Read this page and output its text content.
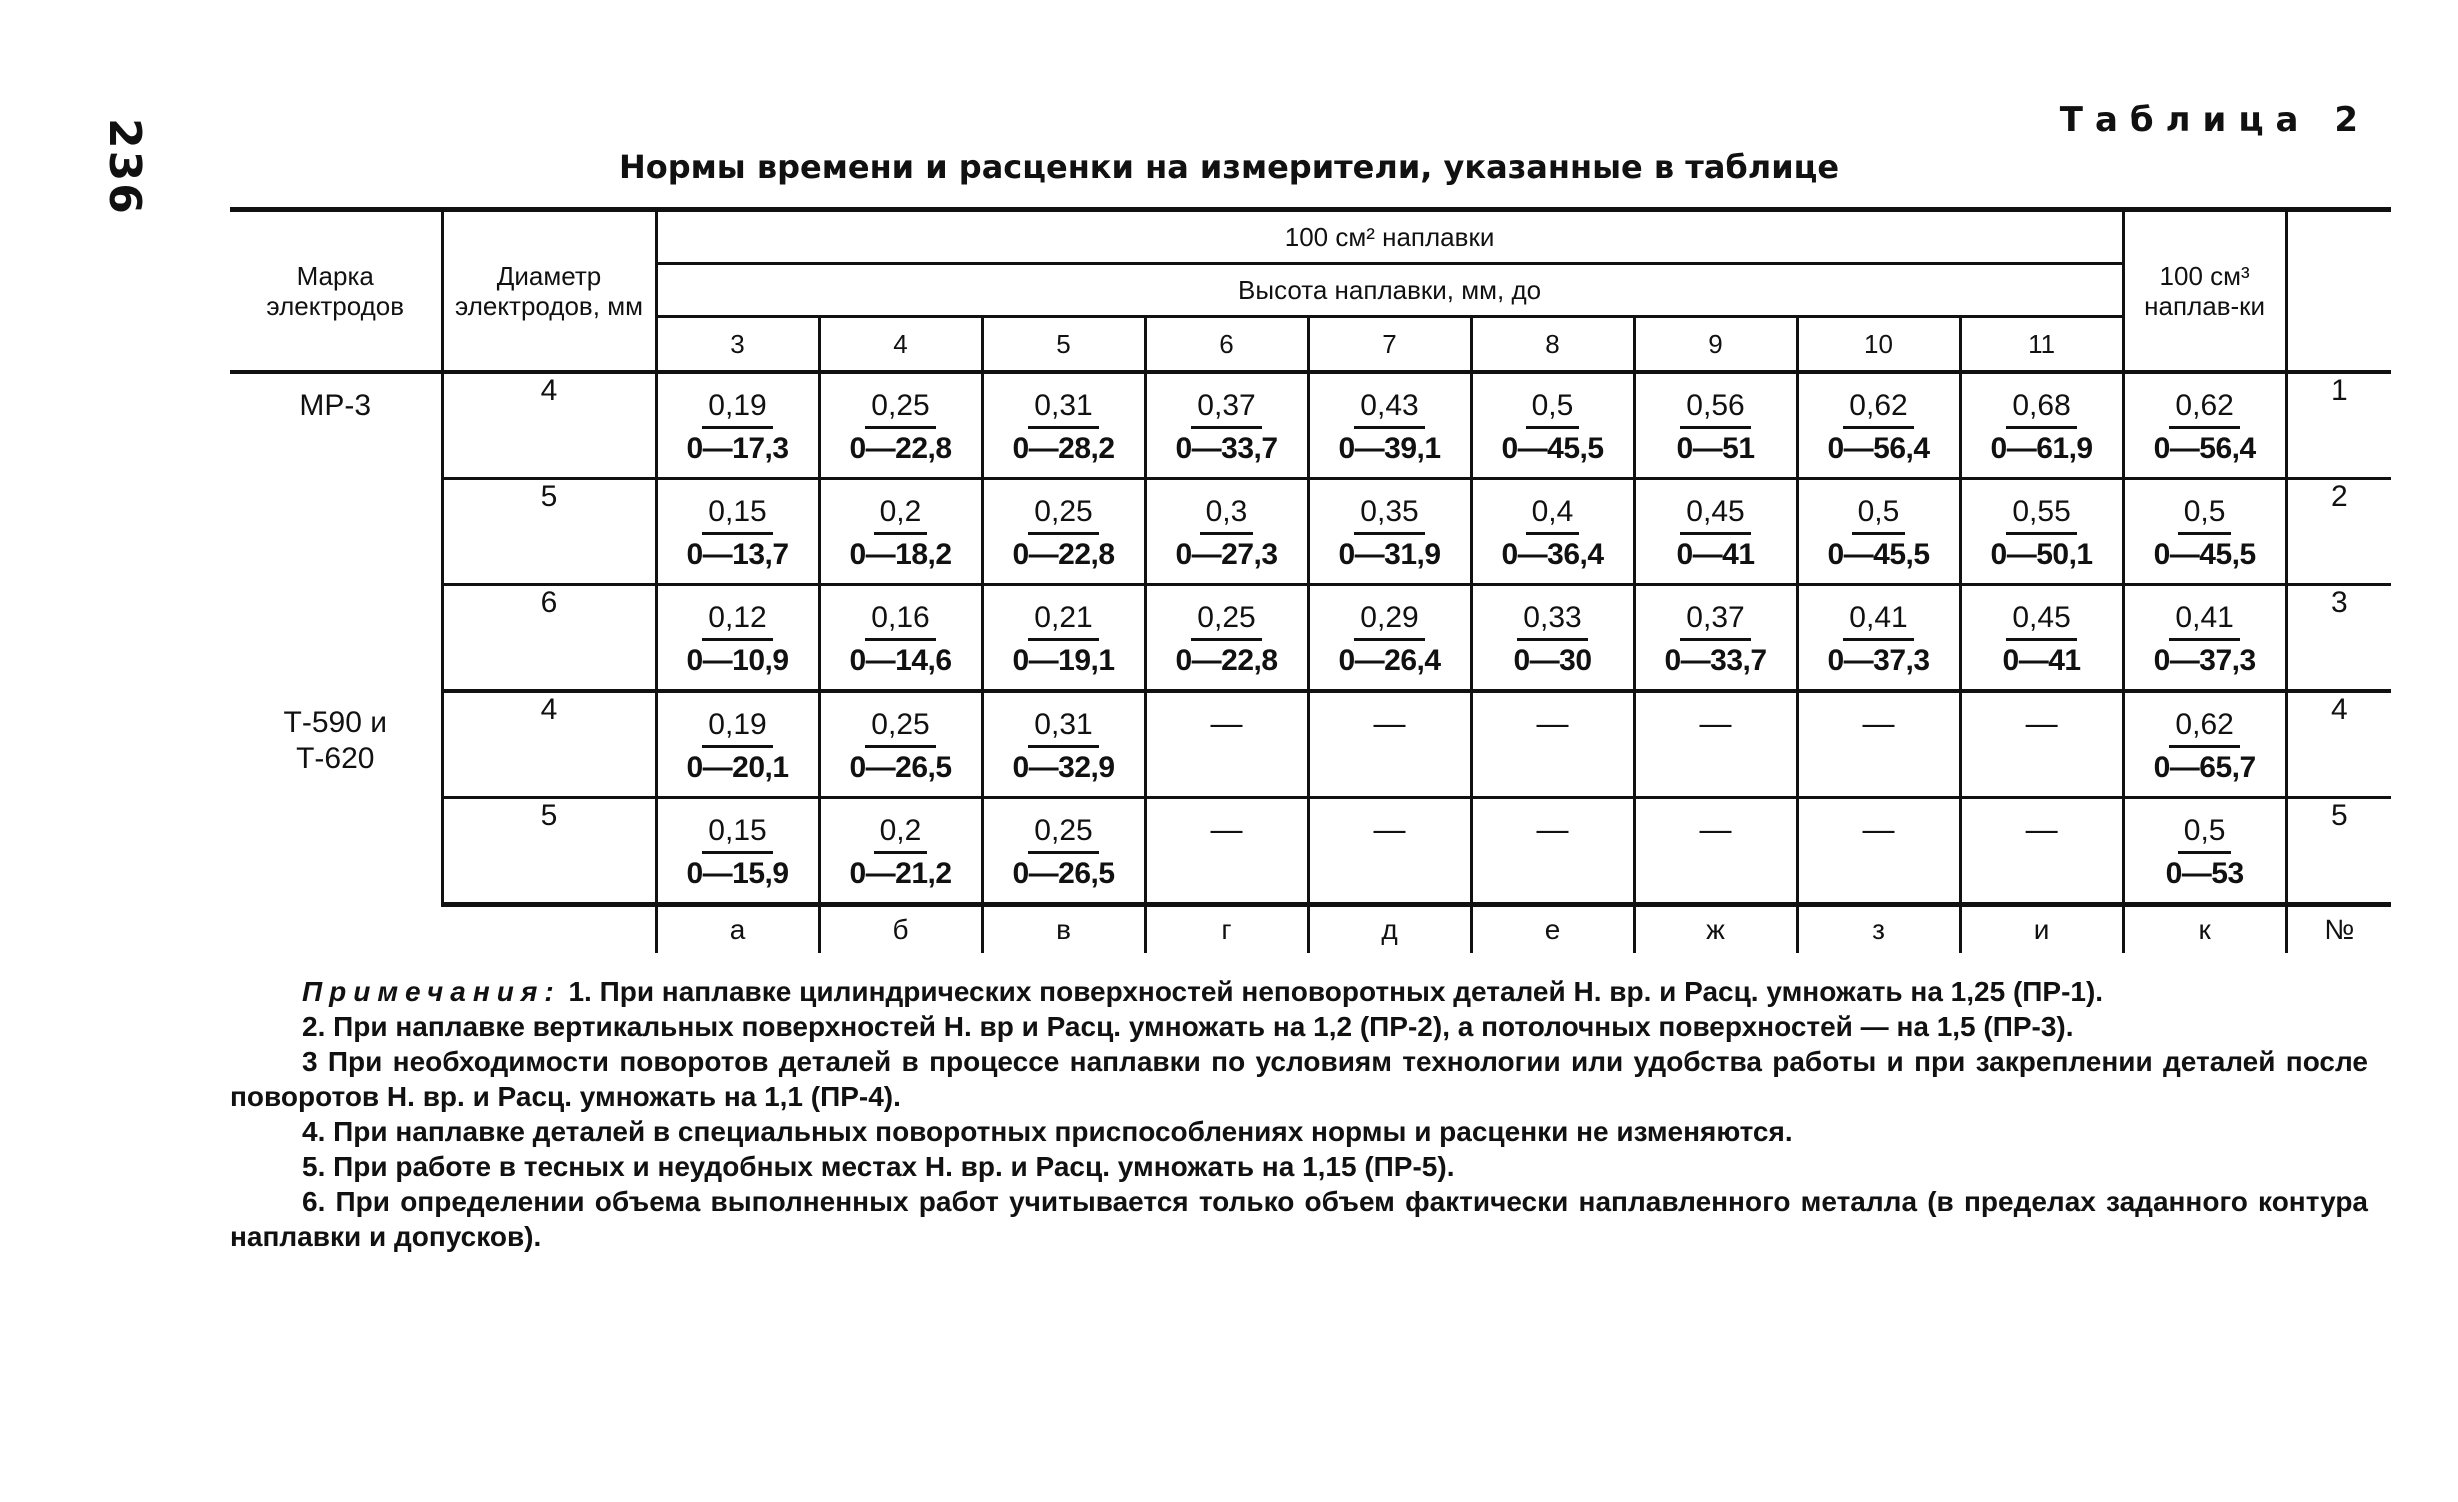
236	Таблица 2
Нормы времени и расценки на измерители, указанные в таблице
Марка электродов	Диаметр электродов, мм	100 см² наплавки									100 см³ наплав-ки	
		Высота наплавки, мм, до										
		3	4	5	6	7	8	9	10	11		
МР-3	4	$\frac{0,19}{0—17,3}$	$\frac{0,25}{0—22,8}$	$\frac{0,31}{0—28,2}$	$\frac{0,37}{0—33,7}$	$\frac{0,43}{0—39,1}$	$\frac{0,5}{0—45,5}$	$\frac{0,56}{0—51}$	$\frac{0,62}{0—56,4}$	$\frac{0,68}{0—61,9}$	$\frac{0,62}{0—56,4}$	1
	5	$\frac{0,15}{0—13,7}$	$\frac{0,2}{0—18,2}$	$\frac{0,25}{0—22,8}$	$\frac{0,3}{0—27,3}$	$\frac{0,35}{0—31,9}$	$\frac{0,4}{0—36,4}$	$\frac{0,45}{0—41}$	$\frac{0,5}{0—45,5}$	$\frac{0,55}{0—50,1}$	$\frac{0,5}{0—45,5}$	2
	6	$\frac{0,12}{0—10,9}$	$\frac{0,16}{0—14,6}$	$\frac{0,21}{0—19,1}$	$\frac{0,25}{0—22,8}$	$\frac{0,29}{0—26,4}$	$\frac{0,33}{0—30}$	$\frac{0,37}{0—33,7}$	$\frac{0,41}{0—37,3}$	$\frac{0,45}{0—41}$	$\frac{0,41}{0—37,3}$	3
Т-590 и
Т-620	4	$\frac{0,19}{0—20,1}$	$\frac{0,25}{0—26,5}$	$\frac{0,31}{0—32,9}$	—	—	—	—	—	—	$\frac{0,62}{0—65,7}$	4
	5	$\frac{0,15}{0—15,9}$	$\frac{0,2}{0—21,2}$	$\frac{0,25}{0—26,5}$	—	—	—	—	—	—	$\frac{0,5}{0—53}$	5
		а	б	в	г	д	е	ж	з	и	к	№

Примечания: 1. При наплавке цилиндрических поверхностей неповоротных деталей Н. вр. и Расц. умножать на 1,25 (ПР-1).

2. При наплавке вертикальных поверхностей Н. вр и Расц. умножать на 1,2 (ПР-2), а потолочных поверхностей — на 1,5 (ПР-3).

3 При необходимости поворотов деталей в процессе наплавки по условиям технологии или удобства работы и при закреплении деталей после поворотов Н. вр. и Расц. умножать на 1,1 (ПР-4).

4. При наплавке деталей в специальных поворотных приспособлениях нормы и расценки не изменяются.

5. При работе в тесных и неудобных местах Н. вр. и Расц. умножать на 1,15 (ПР-5).

6. При определении объема выполненных работ учитывается только объем фактически наплавленного металла (в пределах заданного контура наплавки и допусков).
